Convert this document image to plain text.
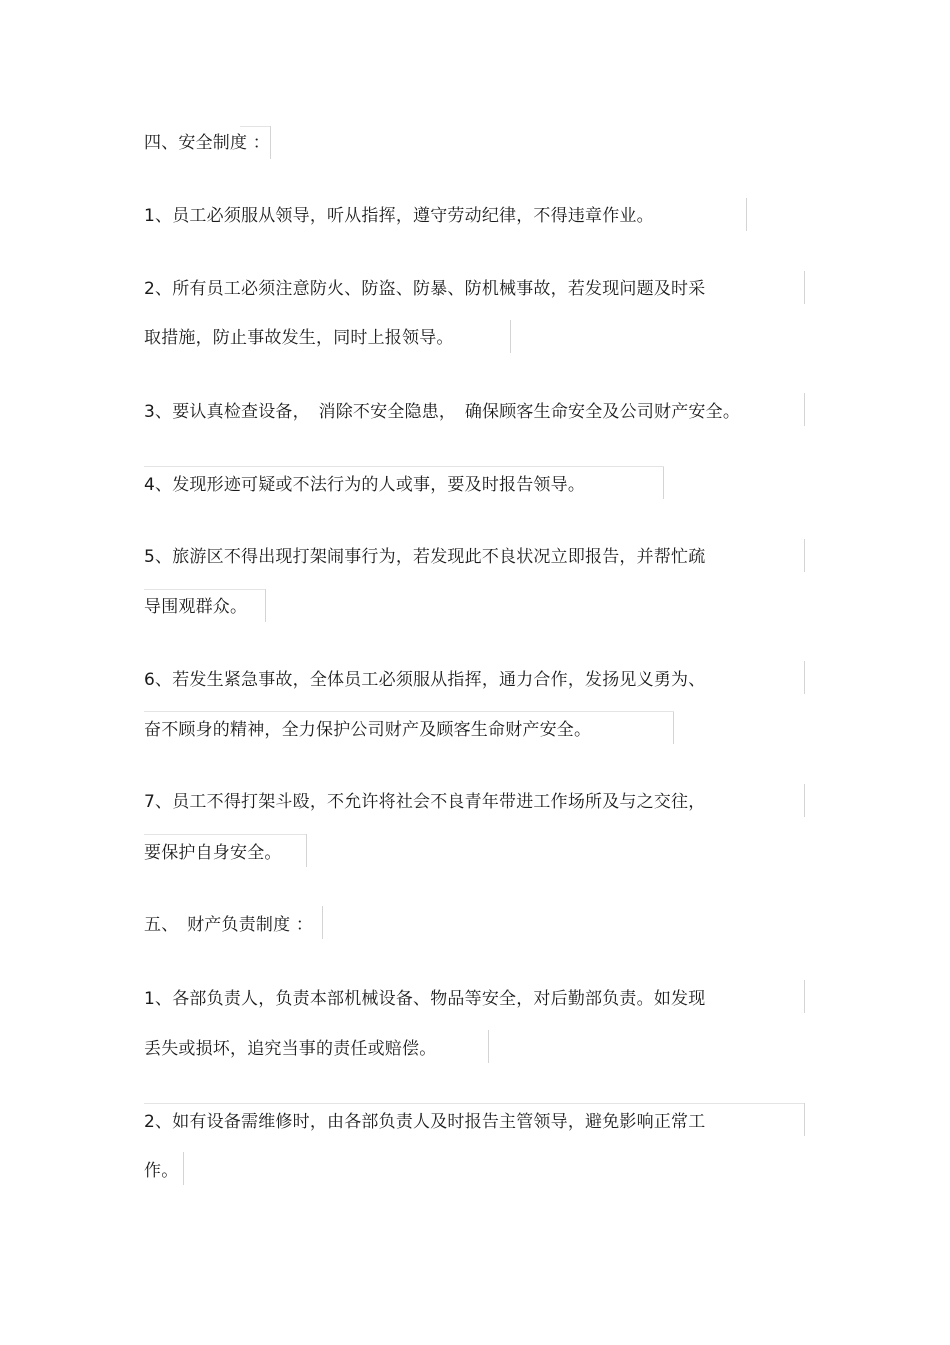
四、安全制度 ：
1、员工必须服从领导，听从指挥，遵守劳动纪律，不得违章作业。
2、所有员工必须注意防火、防盗、防暴、防机械事故，若发现问题及时采
取措施，防止事故发生，同时上报领导。
3、要认真检查设备，　消除不安全隐患，　确保顾客生命安全及公司财产安全。
4、发现形迹可疑或不法行为的人或事，要及时报告领导。
5、旅游区不得出现打架闹事行为，若发现此不良状况立即报告，并帮忙疏
导围观群众。
6、若发生紧急事故，全体员工必须服从指挥，通力合作，发扬见义勇为、
奋不顾身的精神，全力保护公司财产及顾客生命财产安全。
7、员工不得打架斗殴，不允许将社会不良青年带进工作场所及与之交往，
要保护自身安全。
五、　财产负责制度 ：
1、各部负责人，负责本部机械设备、物品等安全，对后勤部负责。如发现
丢失或损坏，追究当事的责任或赔偿。
2、如有设备需维修时，由各部负责人及时报告主管领导，避免影响正常工
作。
